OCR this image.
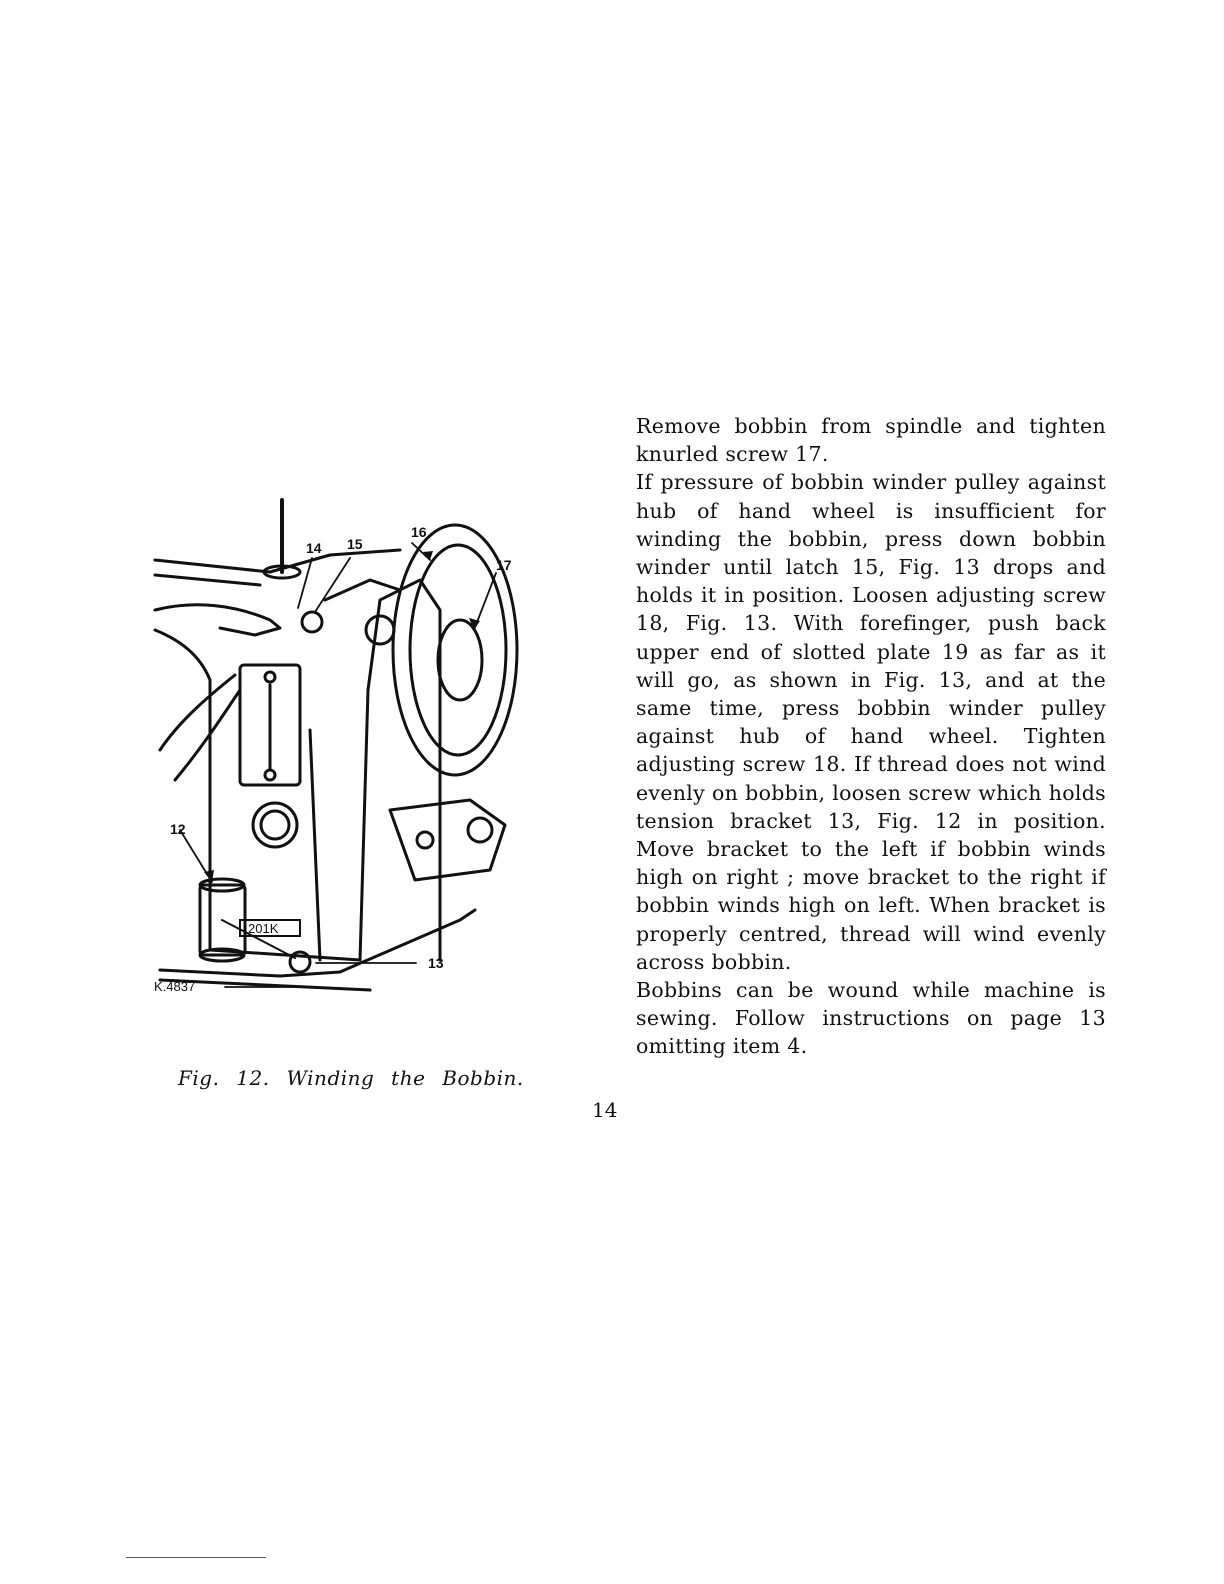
201K
14 15
16
17
12
13
K.4837
Fig. 12. Winding the Bobbin.

Remove bobbin from spindle and tighten knurled screw 17.

If pressure of bobbin winder pulley against hub of hand wheel is insufficient for winding the bobbin, press down bobbin winder until latch 15, Fig. 13 drops and holds it in position. Loosen adjusting screw 18, Fig. 13. With forefinger, push back upper end of slotted plate 19 as far as it will go, as shown in Fig. 13, and at the same time, press bobbin winder pulley against hub of hand wheel. Tighten adjusting screw 18. If thread does not wind evenly on bobbin, loosen screw which holds tension bracket 13, Fig. 12 in position. Move bracket to the left if bobbin winds high on right ; move bracket to the right if bobbin winds high on left. When bracket is properly centred, thread will wind evenly across bobbin.

Bobbins can be wound while machine is sewing. Follow instructions on page 13 omitting item 4.

14
